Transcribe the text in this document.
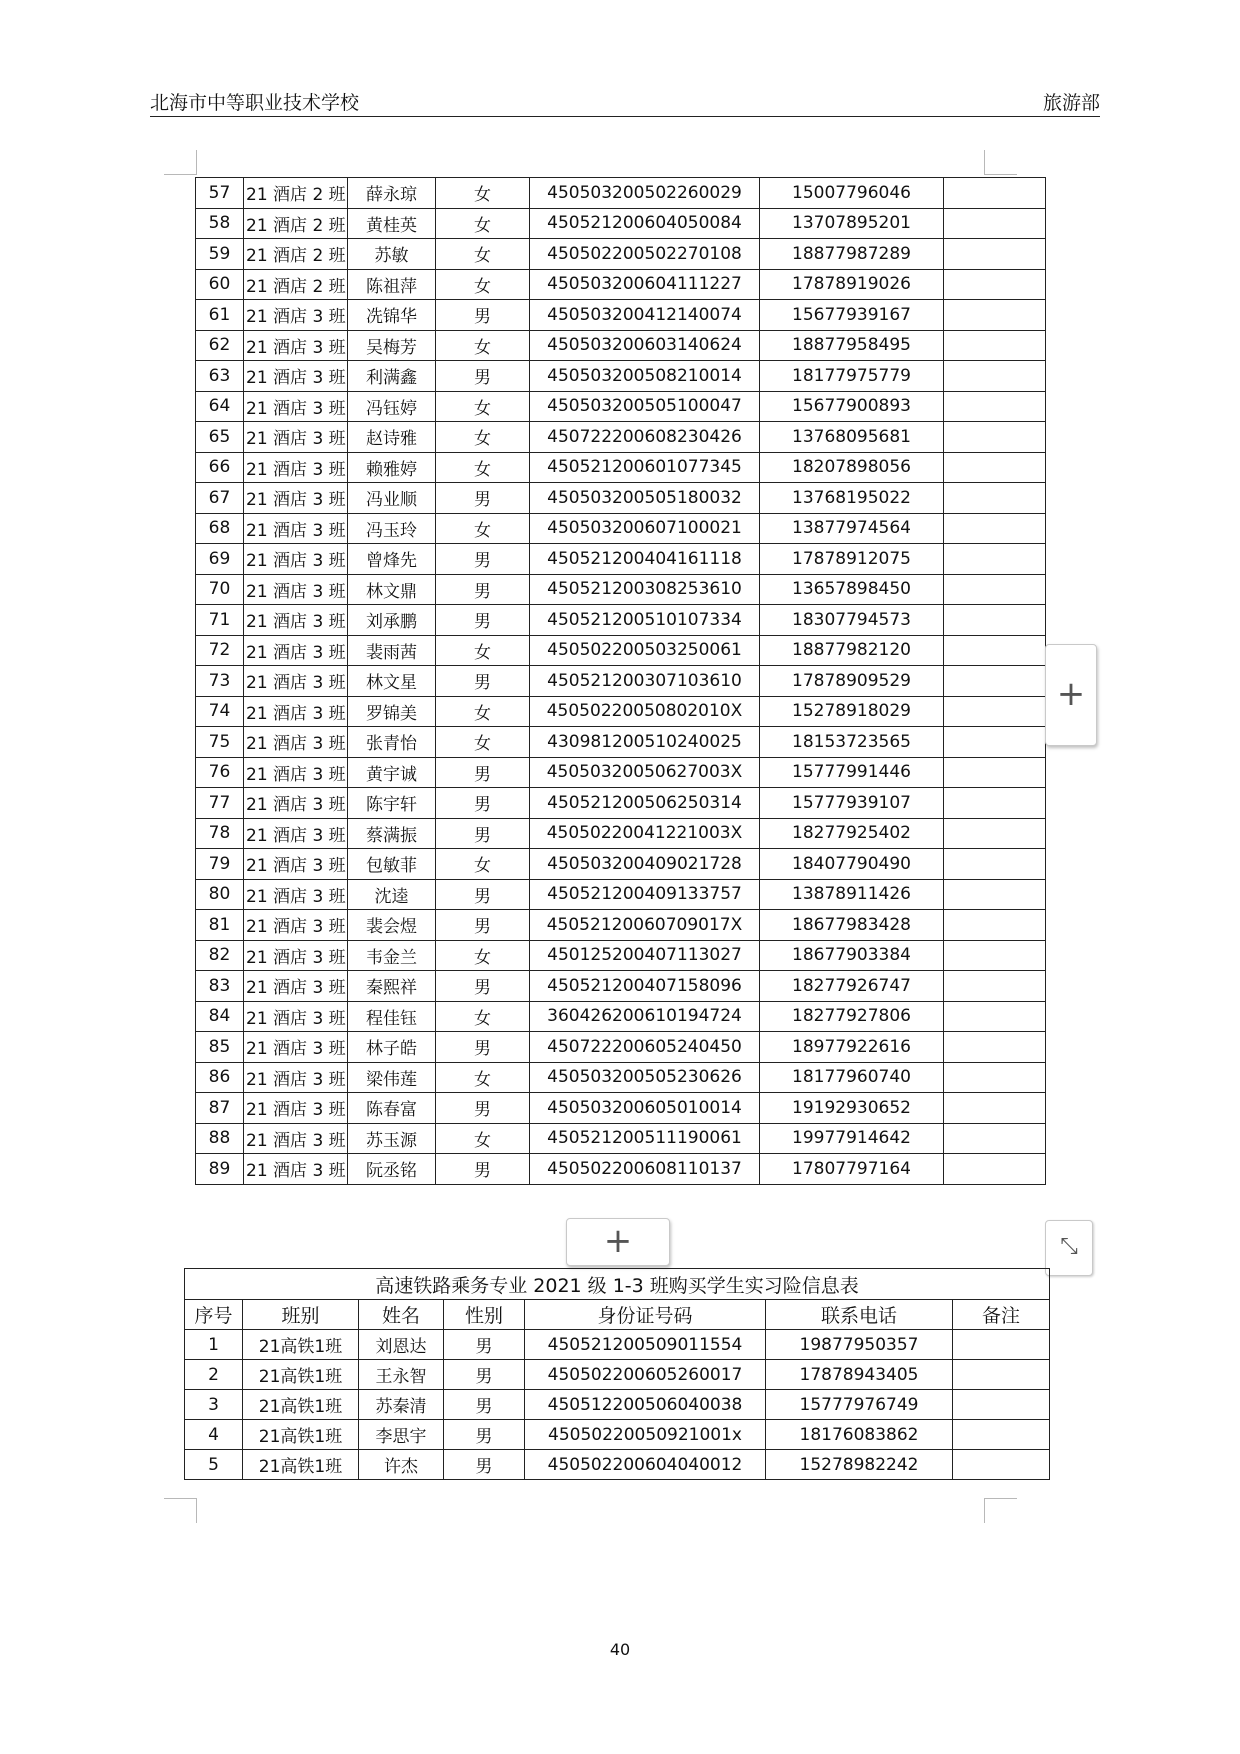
北海市中等职业技术学校	旅游部
57	21 酒店 2 班	薛永琼	女	450503200502260029	15007796046	
58	21 酒店 2 班	黄桂英	女	450521200604050084	13707895201	
59	21 酒店 2 班	苏敏	女	450502200502270108	18877987289	
60	21 酒店 2 班	陈祖萍	女	450503200604111227	17878919026	
61	21 酒店 3 班	冼锦华	男	450503200412140074	15677939167	
62	21 酒店 3 班	吴梅芳	女	450503200603140624	18877958495	
63	21 酒店 3 班	利满鑫	男	450503200508210014	18177975779	
64	21 酒店 3 班	冯钰婷	女	450503200505100047	15677900893	
65	21 酒店 3 班	赵诗雅	女	450722200608230426	13768095681	
66	21 酒店 3 班	赖雅婷	女	450521200601077345	18207898056	
67	21 酒店 3 班	冯业顺	男	450503200505180032	13768195022	
68	21 酒店 3 班	冯玉玲	女	450503200607100021	13877974564	
69	21 酒店 3 班	曾烽先	男	450521200404161118	17878912075	
70	21 酒店 3 班	林文鼎	男	450521200308253610	13657898450	
71	21 酒店 3 班	刘承鹏	男	450521200510107334	18307794573	
72	21 酒店 3 班	裴雨茜	女	450502200503250061	18877982120	
73	21 酒店 3 班	林文星	男	450521200307103610	17878909529	
74	21 酒店 3 班	罗锦美	女	45050220050802010X	15278918029	
75	21 酒店 3 班	张青怡	女	430981200510240025	18153723565	
76	21 酒店 3 班	黄宇诚	男	45050320050627003X	15777991446	
77	21 酒店 3 班	陈宇轩	男	450521200506250314	15777939107	
78	21 酒店 3 班	蔡满振	男	45050220041221003X	18277925402	
79	21 酒店 3 班	包敏菲	女	450503200409021728	18407790490	
80	21 酒店 3 班	沈逵	男	450521200409133757	13878911426	
81	21 酒店 3 班	裴会煜	男	45052120060709017X	18677983428	
82	21 酒店 3 班	韦金兰	女	450125200407113027	18677903384	
83	21 酒店 3 班	秦熙祥	男	450521200407158096	18277926747	
84	21 酒店 3 班	程佳钰	女	360426200610194724	18277927806	
85	21 酒店 3 班	林子皓	男	450722200605240450	18977922616	
86	21 酒店 3 班	梁伟莲	女	450503200505230626	18177960740	
87	21 酒店 3 班	陈春富	男	450503200605010014	19192930652	
88	21 酒店 3 班	苏玉源	女	450521200511190061	19977914642	
89	21 酒店 3 班	阮丞铭	男	450502200608110137	17807797164	
+
+	⤡
高速铁路乘务专业 2021 级 1-3 班购买学生实习险信息表						
序号	班别	姓名	性别	身份证号码	联系电话	备注
1	21高铁1班	刘恩达	男	450521200509011554	19877950357	
2	21高铁1班	王永智	男	450502200605260017	17878943405	
3	21高铁1班	苏秦清	男	450512200506040038	15777976749	
4	21高铁1班	李思宇	男	45050220050921001x	18176083862	
5	21高铁1班	许杰	男	450502200604040012	15278982242	
40
